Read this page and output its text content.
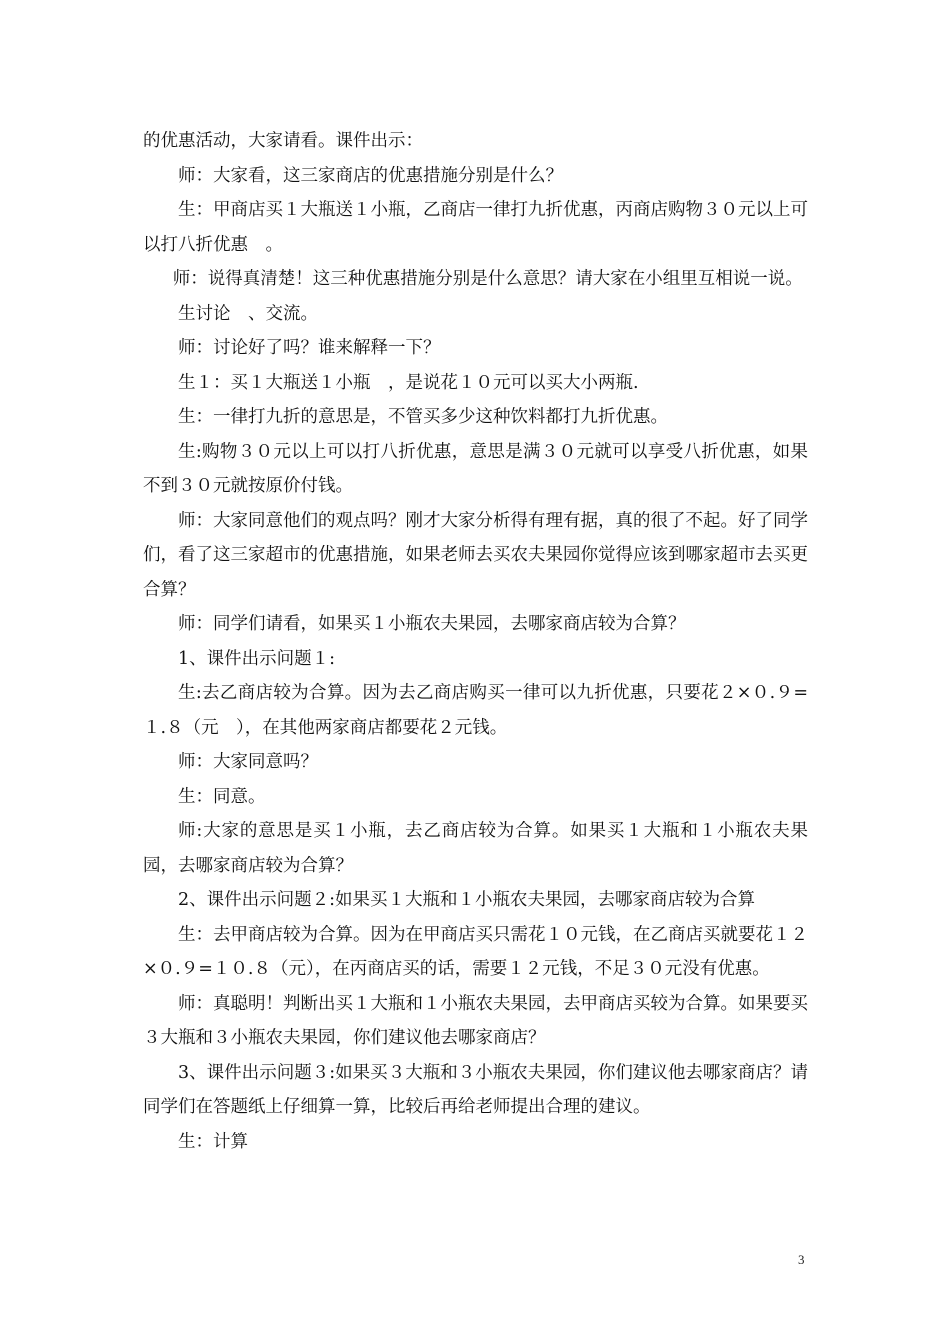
的优惠活动，大家请看。课件出示：

师：大家看，这三家商店的优惠措施分别是什么？

生：甲商店买１大瓶送１小瓶，乙商店一律打九折优惠，丙商店购物３０元以上可以打八折优惠　。

师：说得真清楚！这三种优惠措施分别是什么意思？请大家在小组里互相说一说。

生讨论　、交流。

师：讨论好了吗？谁来解释一下？

生１：买１大瓶送１小瓶　，是说花１０元可以买大小两瓶.

生：一律打九折的意思是，不管买多少这种饮料都打九折优惠。

生:购物３０元以上可以打八折优惠，意思是满３０元就可以享受八折优惠，如果不到３０元就按原价付钱。

师：大家同意他们的观点吗？刚才大家分析得有理有据，真的很了不起。好了同学们，看了这三家超市的优惠措施，如果老师去买农夫果园你觉得应该到哪家超市去买更合算？

师：同学们请看，如果买１小瓶农夫果园，去哪家商店较为合算？

1、课件出示问题１:

生:去乙商店较为合算。因为去乙商店购买一律可以九折优惠，只要花２×０.９=　１.８（元　），在其他两家商店都要花２元钱。

师：大家同意吗？

生：同意。

师:大家的意思是买１小瓶，去乙商店较为合算。如果买１大瓶和１小瓶农夫果园，去哪家商店较为合算？

2、课件出示问题２:如果买１大瓶和１小瓶农夫果园，去哪家商店较为合算

生：去甲商店较为合算。因为在甲商店买只需花１０元钱，在乙商店买就要花１２×０.９=１０.８（元），在丙商店买的话，需要１２元钱，不足３０元没有优惠。

师：真聪明！判断出买１大瓶和１小瓶农夫果园，去甲商店买较为合算。如果要买３大瓶和３小瓶农夫果园，你们建议他去哪家商店？

3、课件出示问题３:如果买３大瓶和３小瓶农夫果园，你们建议他去哪家商店？请同学们在答题纸上仔细算一算，比较后再给老师提出合理的建议。

生：计算

3
